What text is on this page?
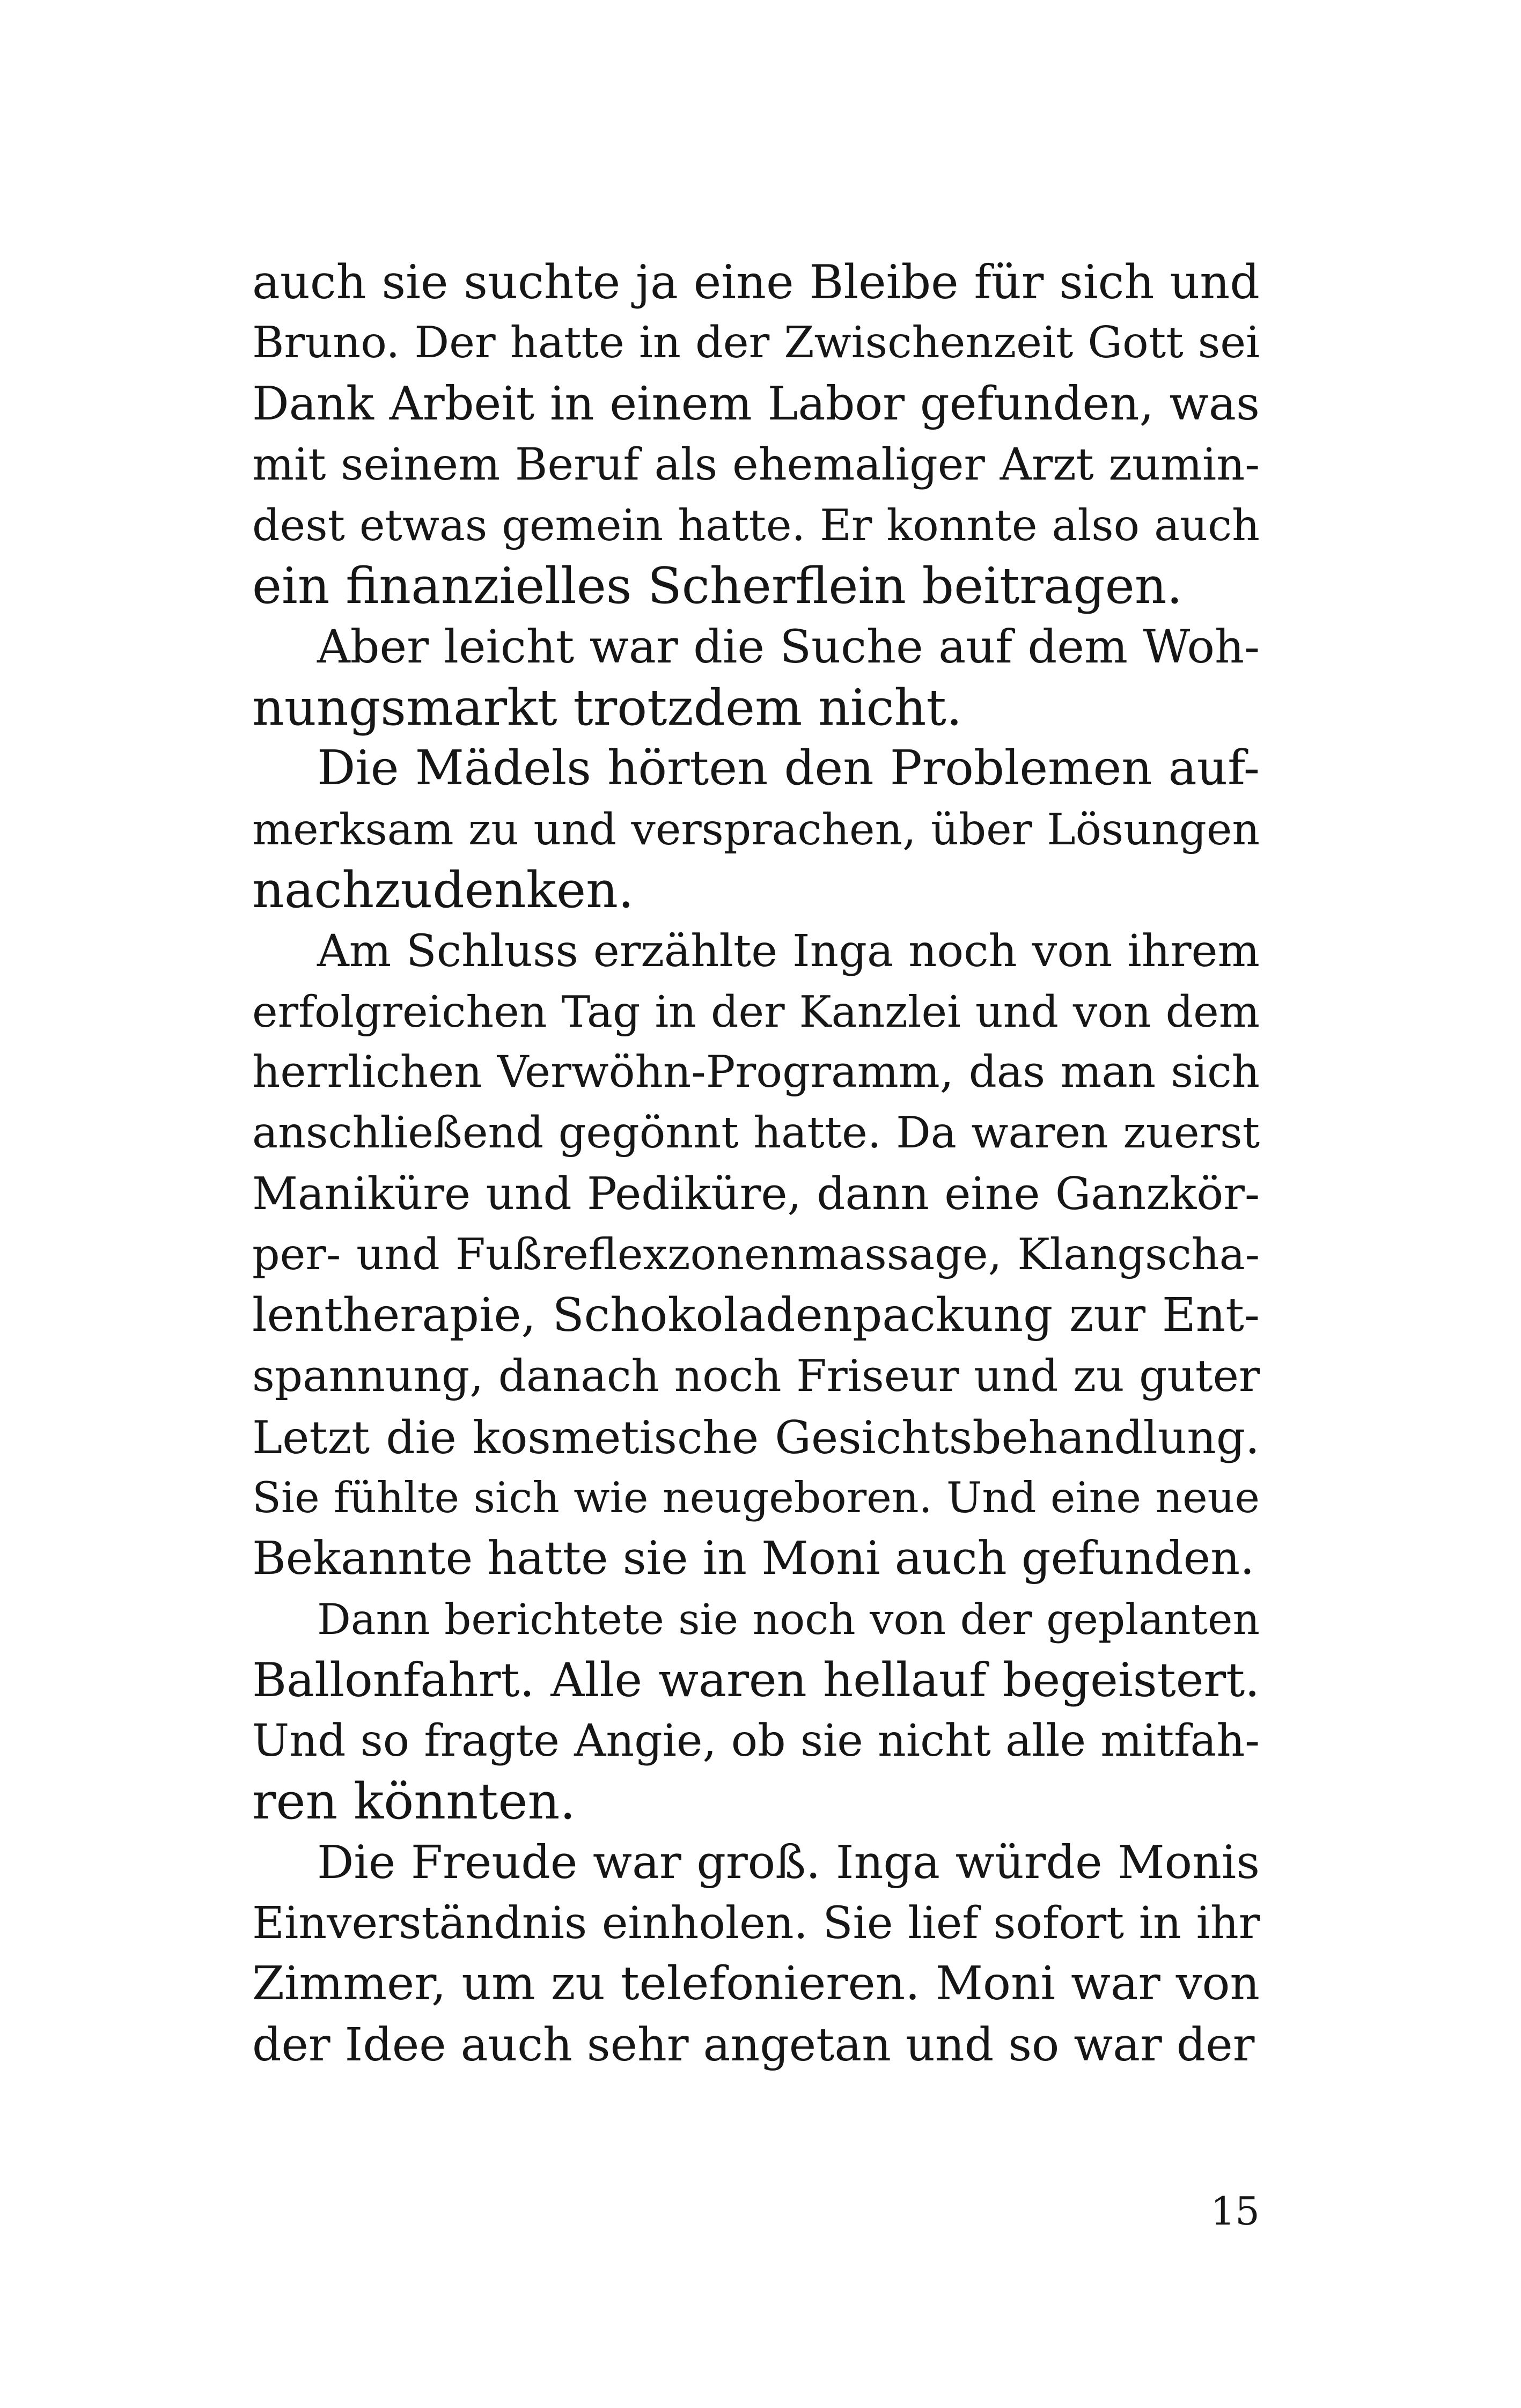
auch sie suchte ja eine Bleibe für sich und
Bruno. Der hatte in der Zwischenzeit Gott sei
Dank Arbeit in einem Labor gefunden, was
mit seinem Beruf als ehemaliger Arzt zumin-
dest etwas gemein hatte. Er konnte also auch
ein finanzielles Scherflein beitragen.
Aber leicht war die Suche auf dem Woh-
nungsmarkt trotzdem nicht.
Die Mädels hörten den Problemen auf-
merksam zu und versprachen, über Lösungen
nachzudenken.
Am Schluss erzählte Inga noch von ihrem
erfolgreichen Tag in der Kanzlei und von dem
herrlichen Verwöhn-Programm, das man sich
anschließend gegönnt hatte. Da waren zuerst
Maniküre und Pediküre, dann eine Ganzkör-
per- und Fußreflexzonenmassage, Klangscha-
lentherapie, Schokoladenpackung zur Ent-
spannung, danach noch Friseur und zu guter
Letzt die kosmetische Gesichtsbehandlung.
Sie fühlte sich wie neugeboren. Und eine neue
Bekannte hatte sie in Moni auch gefunden.
Dann berichtete sie noch von der geplanten
Ballonfahrt. Alle waren hellauf begeistert.
Und so fragte Angie, ob sie nicht alle mitfah-
ren könnten.
Die Freude war groß. Inga würde Monis
Einverständnis einholen. Sie lief sofort in ihr
Zimmer, um zu telefonieren. Moni war von
der Idee auch sehr angetan und so war der
15
